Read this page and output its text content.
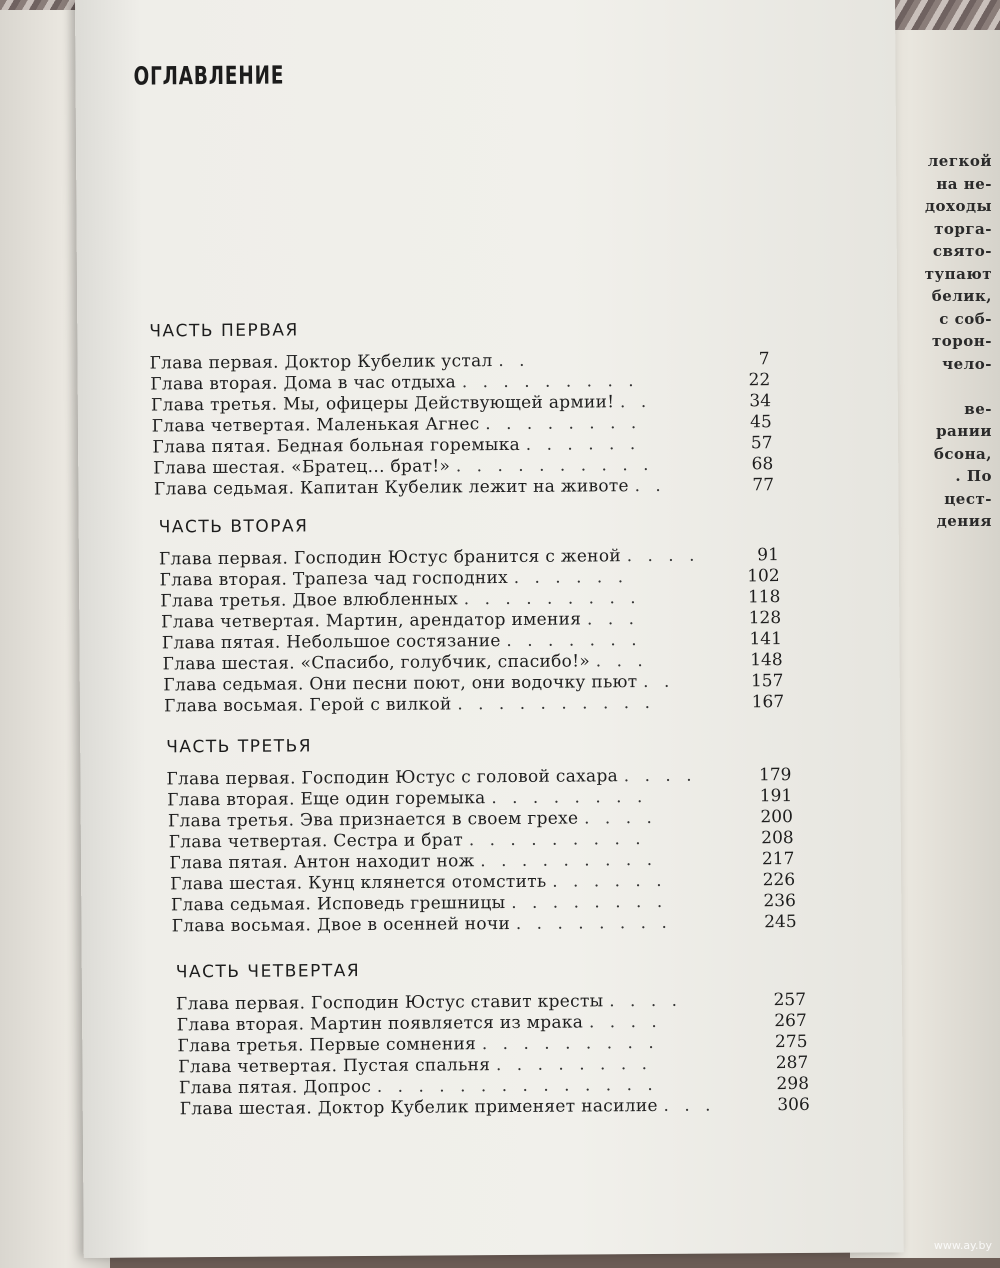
легкой
на не-
доходы
торга-
свято-
тупают
белик,
с соб-
торон-
чело-
ве-
рании
бсона,
. По
цест-
дения
ОГЛАВЛЕНИЕ
ЧАСТЬ ПЕРВАЯ
Глава первая. Доктор Кубелик устал . .	7
Глава вторая. Дома в час отдыха . . . . . . . . .	22
Глава третья. Мы, офицеры Действующей армии! . .	34
Глава четвертая. Маленькая Агнес . . . . . . . .	45
Глава пятая. Бедная больная горемыка . . . . . .	57
Глава шестая. «Братец... брат!» . . . . . . . . . .	68
Глава седьмая. Капитан Кубелик лежит на животе . .	77
ЧАСТЬ ВТОРАЯ
Глава первая. Господин Юстус бранится с женой . . . .	91
Глава вторая. Трапеза чад господних . . . . . .	102
Глава третья. Двое влюбленных . . . . . . . . .	118
Глава четвертая. Мартин, арендатор имения . . .	128
Глава пятая. Небольшое состязание . . . . . . .	141
Глава шестая. «Спасибо, голубчик, спасибо!» . . .	148
Глава седьмая. Они песни поют, они водочку пьют . .	157
Глава восьмая. Герой с вилкой . . . . . . . . . .	167
ЧАСТЬ ТРЕТЬЯ
Глава первая. Господин Юстус с головой сахара . . . .	179
Глава вторая. Еще один горемыка . . . . . . . .	191
Глава третья. Эва признается в своем грехе . . . .	200
Глава четвертая. Сестра и брат . . . . . . . . .	208
Глава пятая. Антон находит нож . . . . . . . . .	217
Глава шестая. Кунц клянется отомстить . . . . . .	226
Глава седьмая. Исповедь грешницы . . . . . . . .	236
Глава восьмая. Двое в осенней ночи . . . . . . . .	245
ЧАСТЬ ЧЕТВЕРТАЯ
Глава первая. Господин Юстус ставит кресты . . . .	257
Глава вторая. Мартин появляется из мрака . . . .	267
Глава третья. Первые сомнения . . . . . . . . .	275
Глава четвертая. Пустая спальня . . . . . . . .	287
Глава пятая. Допрос . . . . . . . . . . . . . .	298
Глава шестая. Доктор Кубелик применяет насилие . . .	306
www.ay.by
